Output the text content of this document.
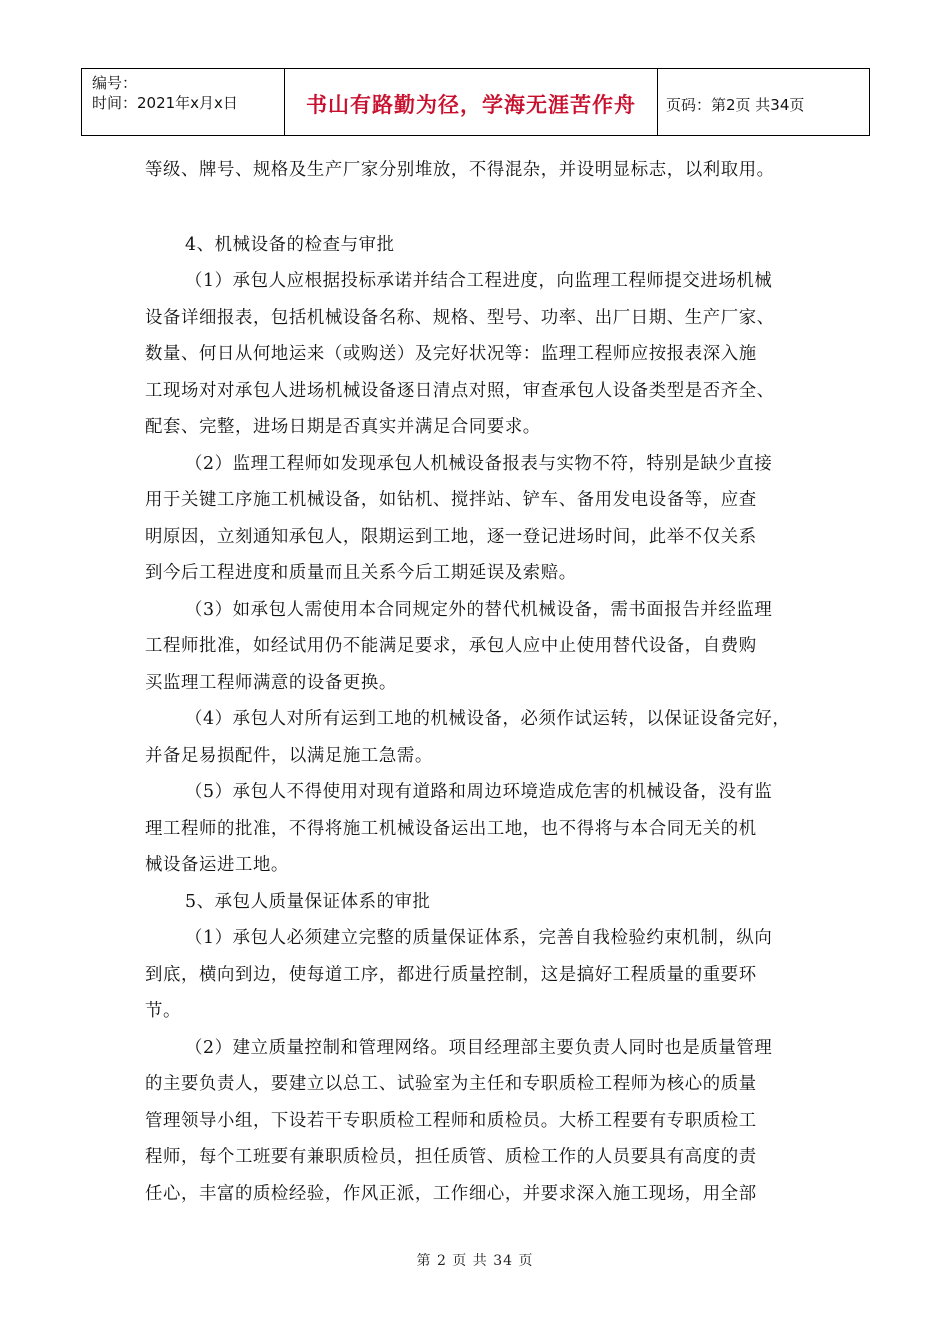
编号：
时间：2021年x月x日	书山有路勤为径，学海无涯苦作舟 页码：第2页 共34页
等级、牌号、规格及生产厂家分别堆放，不得混杂，并设明显标志，以利取用。
4、机械设备的检查与审批
（1）承包人应根据投标承诺并结合工程进度，向监理工程师提交进场机械
设备详细报表，包括机械设备名称、规格、型号、功率、出厂日期、生产厂家、
数量、何日从何地运来（或购送）及完好状况等：监理工程师应按报表深入施
工现场对对承包人进场机械设备逐日清点对照，审查承包人设备类型是否齐全、
配套、完整，进场日期是否真实并满足合同要求。
（2）监理工程师如发现承包人机械设备报表与实物不符，特别是缺少直接
用于关键工序施工机械设备，如钻机、搅拌站、铲车、备用发电设备等，应查
明原因，立刻通知承包人，限期运到工地，逐一登记进场时间，此举不仅关系
到今后工程进度和质量而且关系今后工期延误及索赔。
（3）如承包人需使用本合同规定外的替代机械设备，需书面报告并经监理
工程师批准，如经试用仍不能满足要求，承包人应中止使用替代设备，自费购
买监理工程师满意的设备更换。
（4）承包人对所有运到工地的机械设备，必须作试运转，以保证设备完好，
并备足易损配件，以满足施工急需。
（5）承包人不得使用对现有道路和周边环境造成危害的机械设备，没有监
理工程师的批准，不得将施工机械设备运出工地，也不得将与本合同无关的机
械设备运进工地。
5、承包人质量保证体系的审批
（1）承包人必须建立完整的质量保证体系，完善自我检验约束机制，纵向
到底，横向到边，使每道工序，都进行质量控制，这是搞好工程质量的重要环
节。
（2）建立质量控制和管理网络。项目经理部主要负责人同时也是质量管理
的主要负责人，要建立以总工、试验室为主任和专职质检工程师为核心的质量
管理领导小组，下设若干专职质检工程师和质检员。大桥工程要有专职质检工
程师，每个工班要有兼职质检员，担任质管、质检工作的人员要具有高度的责
任心，丰富的质检经验，作风正派，工作细心，并要求深入施工现场，用全部
第 2 页 共 34 页
